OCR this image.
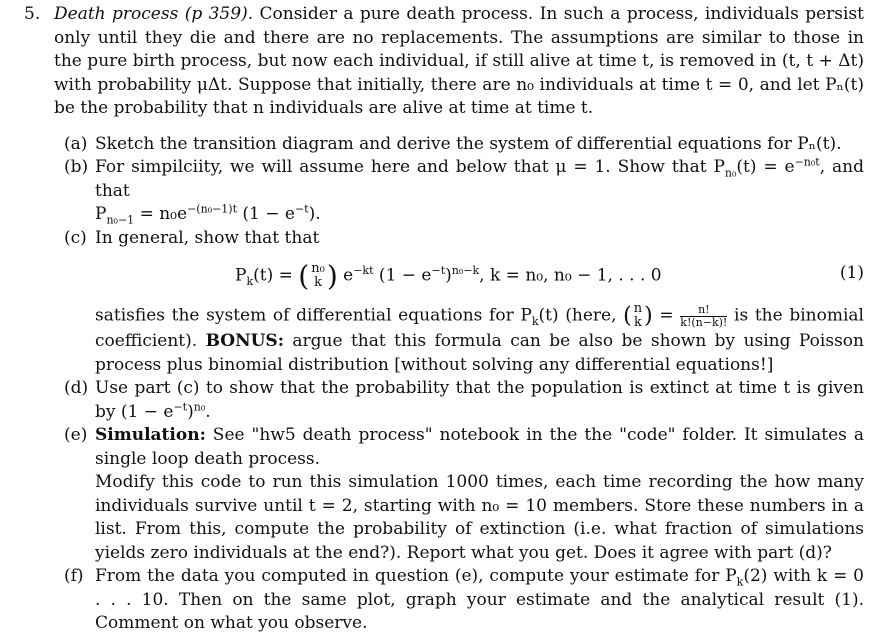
5. Death process (p 359). Consider a pure death process. In such a process, individuals persist only until they die and there are no replacements. The assumptions are similar to those in the pure birth process, but now each individual, if still alive at time t, is removed in (t, t + Δt) with probability μΔt. Suppose that initially, there are n₀ individuals at time t = 0, and let Pₙ(t) be the probability that n individuals are alive at time at time t.
(a) Sketch the transition diagram and derive the system of differential equations for Pₙ(t).
(b) For simpilciity, we will assume here and below that μ = 1. Show that $P_{n_0}(t) = e^{-n_0t}$, and that
$P_{n_0-1} = n_0e^{-(n_0-1)t}$ $(1 - e^{-t})$.
(c) In general, show that that
$P_k(t)$ = ( n₀
k ) $e^{-kt}$ $(1 - e^{-t})^{n_0-k}$, k = n₀, n₀ − 1, . . . 0	(1)
satisfies the system of differential equations for $P_k(t)$ (here, ( n
k ) = $\frac{n!}{k!(n-k)!}$ is the binomial coefficient). BONUS: argue that this formula can be also be shown by using Poisson process plus binomial distribution [without solving any differential equations!]
(d) Use part (c) to show that the probability that the population is extinct at time t is given by $(1 - e^{-t})^{n_0}$.
(e) Simulation: See "hw5 death process" notebook in the the "code" folder. It simulates a single loop death process.
Modify this code to run this simulation 1000 times, each time recording the how many individuals survive until t = 2, starting with n₀ = 10 members. Store these numbers in a list. From this, compute the probability of extinction (i.e. what fraction of simulations yields zero individuals at the end?). Report what you get. Does it agree with part (d)?
(f) From the data you computed in question (e), compute your estimate for $P_k(2)$ with k = 0 . . . 10. Then on the same plot, graph your estimate and the analytical result (1). Comment on what you observe.
